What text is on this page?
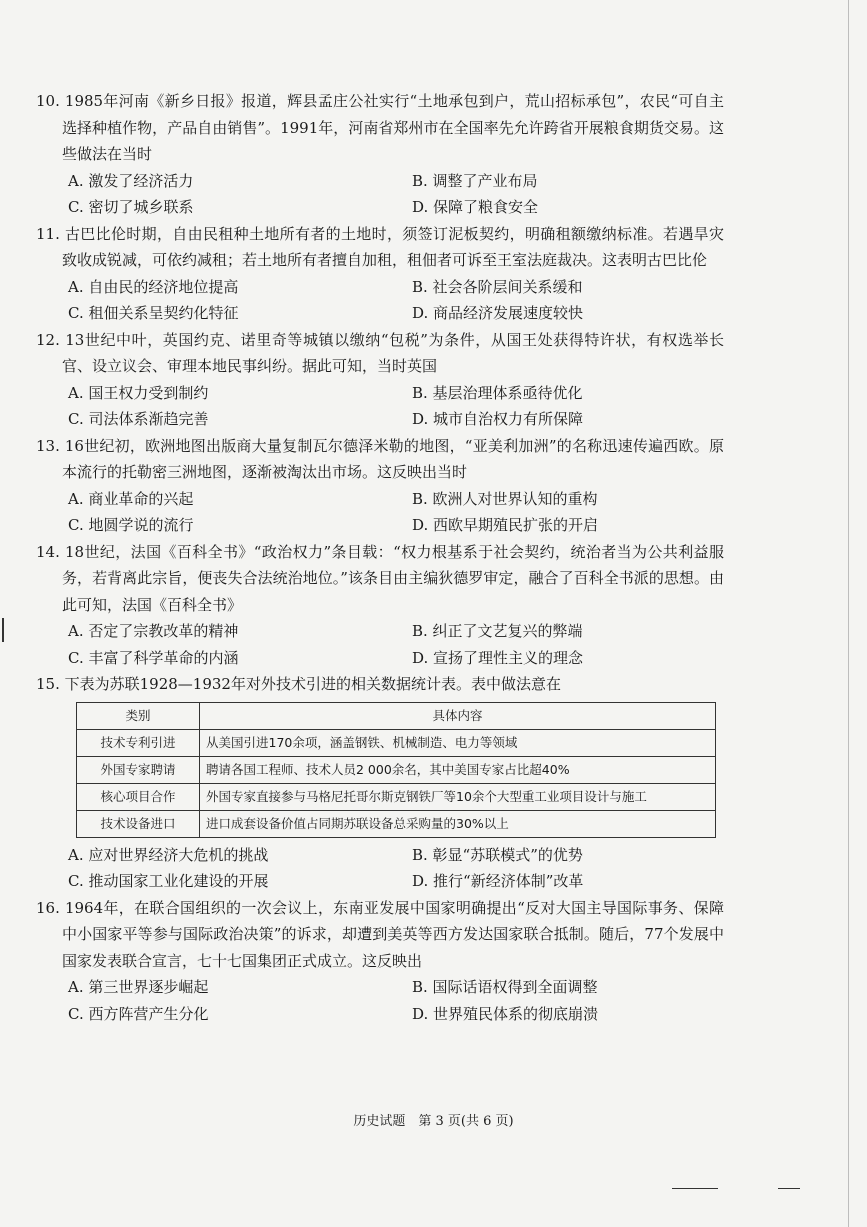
10. 1985年河南《新乡日报》报道，辉县孟庄公社实行“土地承包到户，荒山招标承包”，农民“可自主选择种植作物，产品自由销售”。1991年，河南省郑州市在全国率先允许跨省开展粮食期货交易。这些做法在当时

A. 激发了经济活力	B. 调整了产业布局

C. 密切了城乡联系	D. 保障了粮食安全

11. 古巴比伦时期，自由民租种土地所有者的土地时，须签订泥板契约，明确租额缴纳标准。若遇旱灾致收成锐减，可依约减租；若土地所有者擅自加租，租佃者可诉至王室法庭裁决。这表明古巴比伦

A. 自由民的经济地位提高	B. 社会各阶层间关系缓和

C. 租佃关系呈契约化特征	D. 商品经济发展速度较快

12. 13世纪中叶，英国约克、诺里奇等城镇以缴纳“包税”为条件，从国王处获得特许状，有权选举长官、设立议会、审理本地民事纠纷。据此可知，当时英国

A. 国王权力受到制约	B. 基层治理体系亟待优化

C. 司法体系渐趋完善	D. 城市自治权力有所保障

13. 16世纪初，欧洲地图出版商大量复制瓦尔德泽米勒的地图，“亚美利加洲”的名称迅速传遍西欧。原本流行的托勒密三洲地图，逐渐被淘汰出市场。这反映出当时

A. 商业革命的兴起	B. 欧洲人对世界认知的重构

C. 地圆学说的流行	D. 西欧早期殖民扩张的开启

14. 18世纪，法国《百科全书》“政治权力”条目载：“权力根基系于社会契约，统治者当为公共利益服务，若背离此宗旨，便丧失合法统治地位。”该条目由主编狄德罗审定，融合了百科全书派的思想。由此可知，法国《百科全书》

A. 否定了宗教改革的精神	B. 纠正了文艺复兴的弊端

C. 丰富了科学革命的内涵	D. 宣扬了理性主义的理念

15. 下表为苏联1928—1932年对外技术引进的相关数据统计表。表中做法意在

类别	具体内容
技术专利引进	从美国引进170余项，涵盖钢铁、机械制造、电力等领域
外国专家聘请	聘请各国工程师、技术人员2 000余名，其中美国专家占比超40%
核心项目合作	外国专家直接参与马格尼托哥尔斯克钢铁厂等10余个大型重工业项目设计与施工
技术设备进口	进口成套设备价值占同期苏联设备总采购量的30%以上

A. 应对世界经济大危机的挑战	B. 彰显“苏联模式”的优势

C. 推动国家工业化建设的开展	D. 推行“新经济体制”改革

16. 1964年，在联合国组织的一次会议上，东南亚发展中国家明确提出“反对大国主导国际事务、保障中小国家平等参与国际政治决策”的诉求，却遭到美英等西方发达国家联合抵制。随后，77个发展中国家发表联合宣言，七十七国集团正式成立。这反映出

A. 第三世界逐步崛起	B. 国际话语权得到全面调整

C. 西方阵营产生分化	D. 世界殖民体系的彻底崩溃

历史试题　第 3 页(共 6 页)
